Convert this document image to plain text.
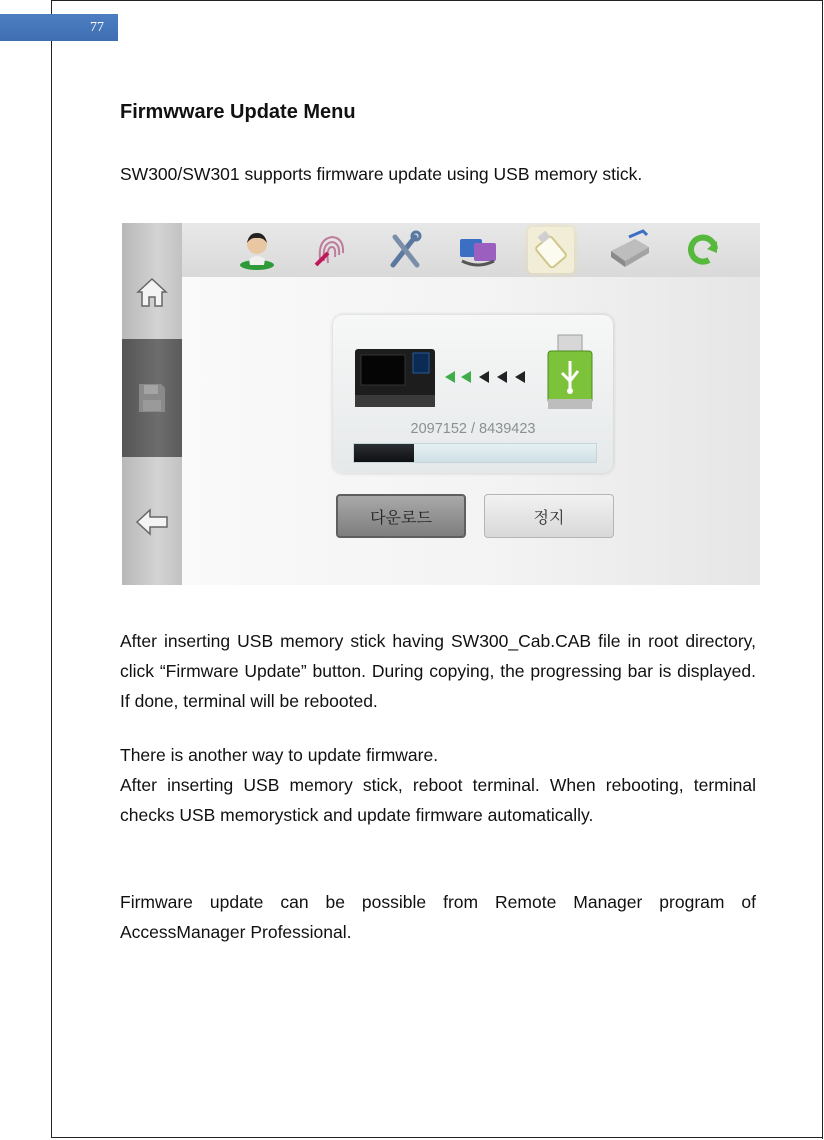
77
Firmwware Update Menu
SW300/SW301 supports firmware update using USB memory stick.
2097152 / 8439423
다운로드	정지
After inserting USB memory stick having SW300_Cab.CAB file in root directory, click “Firmware Update” button. During copying, the progressing bar is displayed. If done, terminal will be rebooted.
There is another way to update firmware.
After inserting USB memory stick, reboot terminal. When rebooting, terminal checks USB memorystick and update firmware automatically.
Firmware update can be possible from Remote Manager program of AccessManager Professional.
